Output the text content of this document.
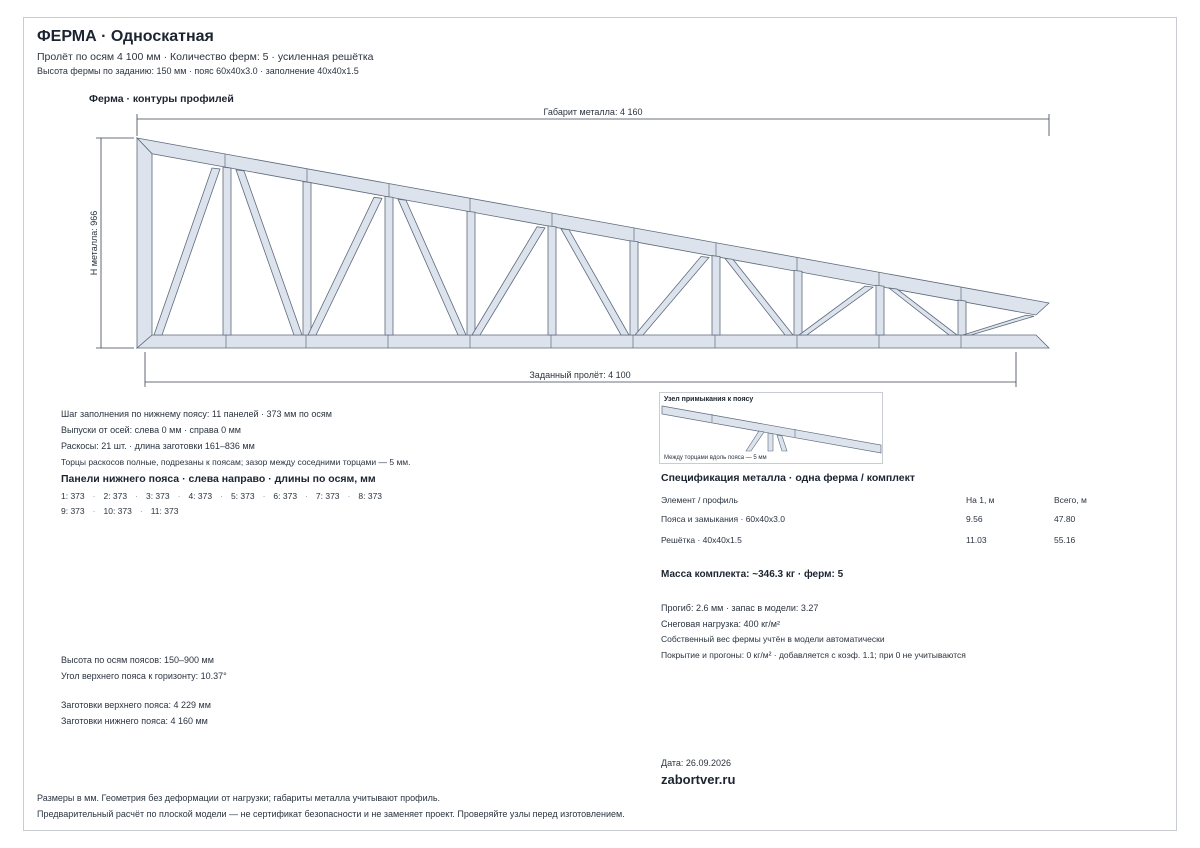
ФЕРМА · Односкатная
Пролёт по осям 4 100 мм · Количество ферм: 5 · усиленная решётка
Высота фермы по заданию: 150 мм · пояс 60x40x3.0 · заполнение 40x40x1.5
Ферма · контуры профилей
Габарит металла: 4 160
Н металла: 966
Заданный пролёт: 4 100
Узел примыкания к поясу
Между торцами вдоль пояса — 5 мм
Шаг заполнения по нижнему поясу: 11 панелей · 373 мм по осям
Выпуски от осей: слева 0 мм · справа 0 мм
Раскосы: 21 шт. · длина заготовки 161–836 мм
Торцы раскосов полные, подрезаны к поясам; зазор между соседними торцами — 5 мм.
Панели нижнего пояса · слева направо · длины по осям, мм
1: 373 · 2: 373 · 3: 373 · 4: 373 · 5: 373 · 6: 373 · 7: 373 · 8: 373
9: 373 · 10: 373 · 11: 373
Спецификация металла · одна ферма / комплект
Элемент / профиль	На 1, м	Всего, м
Пояса и замыкания · 60x40x3.0	9.56	47.80
Решётка · 40x40x1.5	11.03	55.16
Масса комплекта: ~346.3 кг · ферм: 5
Прогиб: 2.6 мм · запас в модели: 3.27
Снеговая нагрузка: 400 кг/м²
Собственный вес фермы учтён в модели автоматически
Покрытие и прогоны: 0 кг/м² · добавляется с коэф. 1.1; при 0 не учитываются
Высота по осям поясов: 150–900 мм
Угол верхнего пояса к горизонту: 10.37°
Заготовки верхнего пояса: 4 229 мм
Заготовки нижнего пояса: 4 160 мм
Дата: 26.09.2026
zabortver.ru
Размеры в мм. Геометрия без деформации от нагрузки; габариты металла учитывают профиль.
Предварительный расчёт по плоской модели — не сертификат безопасности и не заменяет проект. Проверяйте узлы перед изготовлением.
